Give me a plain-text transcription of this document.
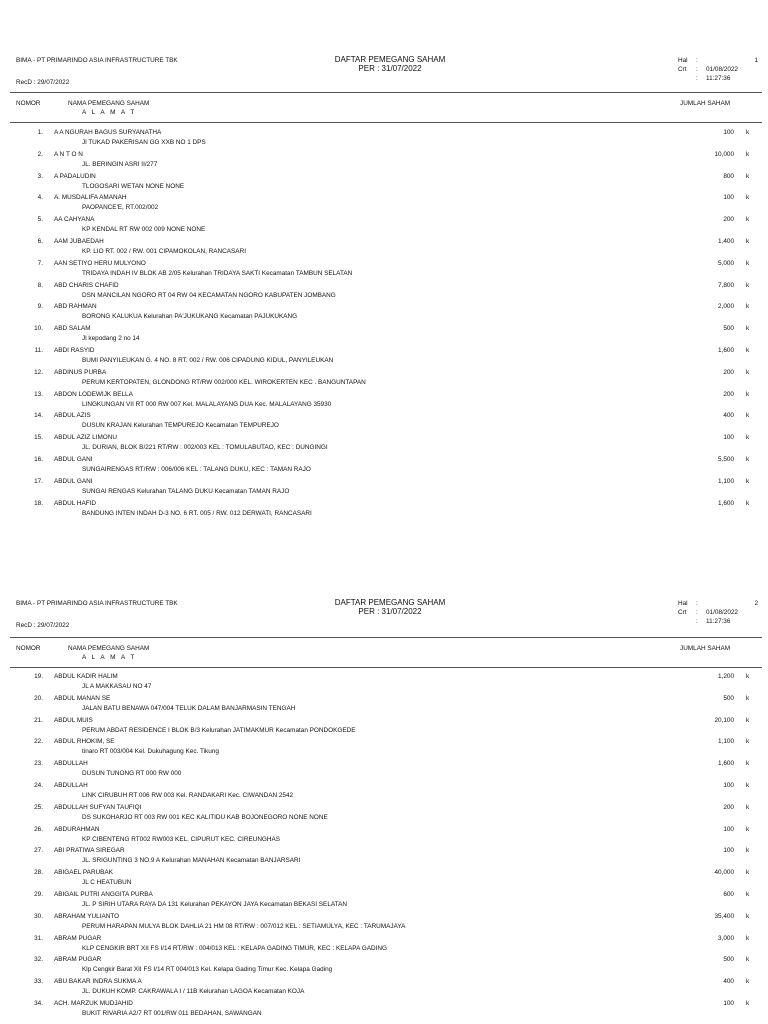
BIMA - PT PRIMARINDO ASIA INFRASTRUCTURE TBK	DAFTAR PEMEGANG SAHAM
PER : 31/07/2022
Hal	:	1
Crt	:	01/08/2022
:	11:27:36
RecD : 29/07/2022
NOMOR	NAMA PEMEGANG SAHAM
A L A M A T
JUMLAH SAHAM
1. A A NGURAH BAGUS SURYANATHA
Jl TUKAD PAKERISAN GG XXB NO 1 DPS
100 k
2. A N T O N
JL. BERINGIN ASRI II/277
10,000 k
3. A PADALUDIN
TLOGOSARI WETAN NONE NONE
800 k
4. A. MUSDALIFA AMANAH
PAOPANCE'E, RT.002/002
100 k
5. AA CAHYANA
KP KENDAL RT RW 002 009 NONE NONE
200 k
6. AAM JUBAEDAH
KP. LIO RT. 002 / RW. 001 CIPAMOKOLAN, RANCASARI
1,400 k
7. AAN SETIYO HERU MULYONO
TRIDAYA INDAH IV BLOK AB 2/05 Kelurahan TRIDAYA SAKTI Kecamatan TAMBUN SELATAN
5,000 k
8. ABD CHARIS CHAFID
DSN MANCILAN NGORO RT 04 RW 04 KECAMATAN NGORO KABUPATEN JOMBANG
7,800 k
9. ABD RAHMAN
BORONG KALUKUA Kelurahan PA'JUKUKANG Kecamatan PAJUKUKANG
2,000 k
10. ABD SALAM
Jl kepodang 2 no 14
500 k
11. ABDI RASYID
BUMI PANYILEUKAN G. 4 NO. 8 RT. 002 / RW. 006 CIPADUNG KIDUL, PANYILEUKAN
1,600 k
12. ABDINUS PURBA
PERUM KERTOPATEN, GLONDONG RT/RW 002/000 KEL. WIROKERTEN KEC . BANGUNTAPAN
200 k
13. ABDON LODEWIJK BELLA
LINGKUNGAN VII RT 000 RW 007 Kel. MALALAYANG DUA Kec. MALALAYANG 35930
200 k
14. ABDUL AZIS
DUSUN KRAJAN Kelurahan TEMPUREJO Kecamatan TEMPUREJO
400 k
15. ABDUL AZIZ LIMONU
JL. DURIAN, BLOK B/221 RT/RW : 002/003 KEL : TOMULABUTAO, KEC : DUNGINGI
100 k
16. ABDUL GANI
SUNGAIRENGAS RT/RW : 006/006 KEL : TALANG DUKU, KEC : TAMAN RAJO
5,500 k
17. ABDUL GANI
SUNGAI RENGAS Kelurahan TALANG DUKU Kecamatan TAMAN RAJO
1,100 k
18. ABDUL HAFID
BANDUNG INTEN INDAH D-3 NO. 6 RT. 005 / RW. 012 DERWATI, RANCASARI
1,600 k
BIMA - PT PRIMARINDO ASIA INFRASTRUCTURE TBK	DAFTAR PEMEGANG SAHAM
PER : 31/07/2022
Hal	:	2
Crt	:	01/08/2022
:	11:27:36
RecD : 29/07/2022
NOMOR	NAMA PEMEGANG SAHAM
A L A M A T
JUMLAH SAHAM
19. ABDUL KADIR HALIM
JL A MAKKASAU NO 47
1,200 k
20. ABDUL MANAN SE
JALAN BATU BENAWA 047/004 TELUK DALAM BANJARMASIN TENGAH
500 k
21. ABDUL MUIS
PERUM ABDAT RESIDENCE I BLOK B/3 Kelurahan JATIMAKMUR Kecamatan PONDOKGEDE
20,100 k
22. ABDUL RHOKIM, SE
tinaro RT 003/004 Kel. Dukuhagung Kec. Tikung
1,100 k
23. ABDULLAH
DUSUN TUNONG RT 000 RW 000
1,600 k
24. ABDULLAH
LINK CIRUBUH RT 006 RW 003 Kel. RANDAKARI Kec. CIWANDAN 2542
100 k
25. ABDULLAH SUFYAN TAUFIQI
DS SUKOHARJO RT 003 RW 001 KEC KALITIDU KAB BOJONEGORO NONE NONE
200 k
26. ABDURAHMAN
KP CIBENTENG RT002 RW003 KEL. CIPURUT KEC. CIREUNGHAS
100 k
27. ABI PRATIWA SIREGAR
JL. SRIGUNTING 3 NO.9 A Kelurahan MANAHAN Kecamatan BANJARSARI
100 k
28. ABIGAEL PARUBAK
JL C HEATUBUN
40,000 k
29. ABIGAIL PUTRI ANGGITA PURBA
JL. P SIRIH UTARA RAYA DA 131 Kelurahan PEKAYON JAYA Kecamatan BEKASI SELATAN
600 k
30. ABRAHAM YULIANTO
PERUM HARAPAN MULYA BLOK DAHLIA 21 HM 08 RT/RW : 007/012 KEL : SETIAMULYA, KEC : TARUMAJAYA
35,400 k
31. ABRAM PUGAR
KLP CENGKIR BRT XII FS I/14 RT/RW : 004/013 KEL : KELAPA GADING TIMUR, KEC : KELAPA GADING
3,000 k
32. ABRAM PUGAR
Klp Cengkir Barat XII FS I/14 RT 004/013 Kel. Kelapa Gading Timur Kec. Kelapa Gading
500 k
33. ABU BAKAR INDRA SUKMA A
JL. DUKUH KOMP. CAKRAWALA I / 11B Kelurahan LAGOA Kecamatan KOJA
400 k
34. ACH. MARZUK MUDJAHID
BUKIT RIVARIA A2/7 RT 001/RW 011 BEDAHAN, SAWANGAN
100 k
